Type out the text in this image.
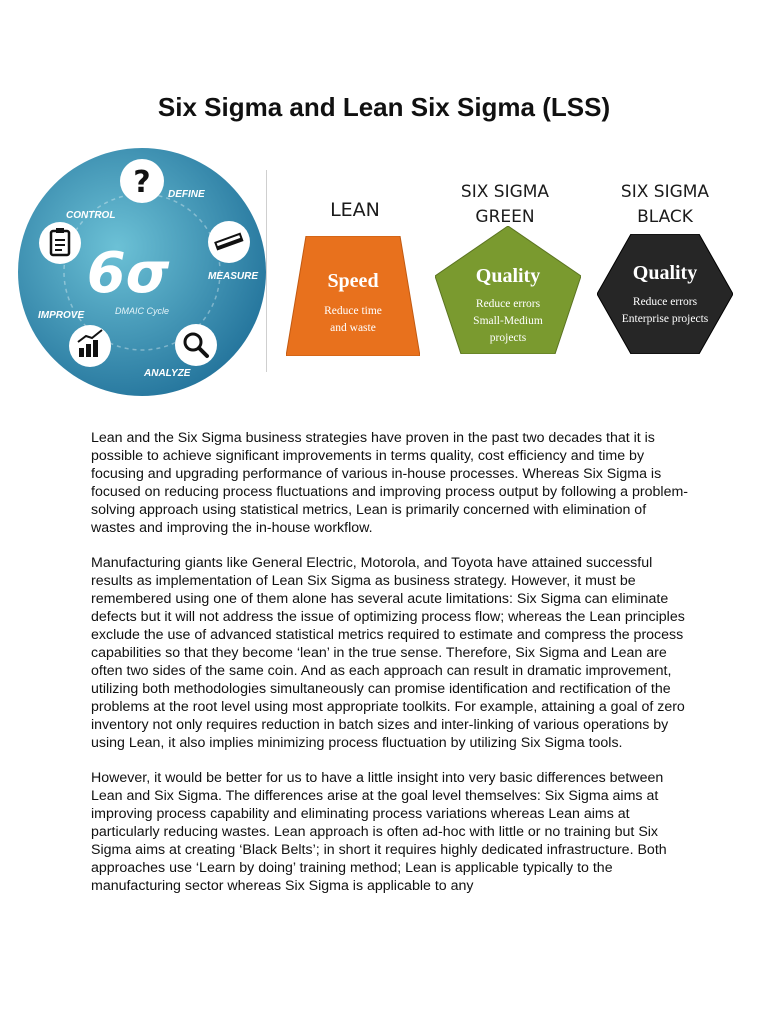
Six Sigma and Lean Six Sigma (LSS)
6σ
DMAIC Cycle
? DEFINE
MEASURE
ANALYZE
IMPROVE
CONTROL	LEAN
Speed
Reduce time
and waste
SIX SIGMA
GREEN
Quality
Reduce errors
Small-Medium
projects
SIX SIGMA
BLACK
Quality
Reduce errors
Enterprise projects

Lean and the Six Sigma business strategies have proven in the past two decades that it is possible to achieve significant improvements in terms quality, cost efficiency and time by focusing and upgrading performance of various in-house processes. Whereas Six Sigma is focused on reducing process fluctuations and improving process output by following a problem-solving approach using statistical metrics, Lean is primarily concerned with elimination of wastes and improving the in-house workflow.

Manufacturing giants like General Electric, Motorola, and Toyota have attained successful results as implementation of Lean Six Sigma as business strategy. However, it must be remembered using one of them alone has several acute limitations: Six Sigma can eliminate defects but it will not address the issue of optimizing process flow; whereas the Lean principles exclude the use of advanced statistical metrics required to estimate and compress the process capabilities so that they become ‘lean’ in the true sense. Therefore, Six Sigma and Lean are often two sides of the same coin. And as each approach can result in dramatic improvement, utilizing both methodologies simultaneously can promise identification and rectification of the problems at the root level using most appropriate toolkits. For example, attaining a goal of zero inventory not only requires reduction in batch sizes and inter-linking of various operations by using Lean, it also implies minimizing process fluctuation by utilizing Six Sigma tools.

However, it would be better for us to have a little insight into very basic differences between Lean and Six Sigma. The differences arise at the goal level themselves: Six Sigma aims at improving process capability and eliminating process variations whereas Lean aims at particularly reducing wastes. Lean approach is often ad-hoc with little or no training but Six Sigma aims at creating ‘Black Belts’; in short it requires highly dedicated infrastructure. Both approaches use ‘Learn by doing’ training method; Lean is applicable typically to the manufacturing sector whereas Six Sigma is applicable to any
